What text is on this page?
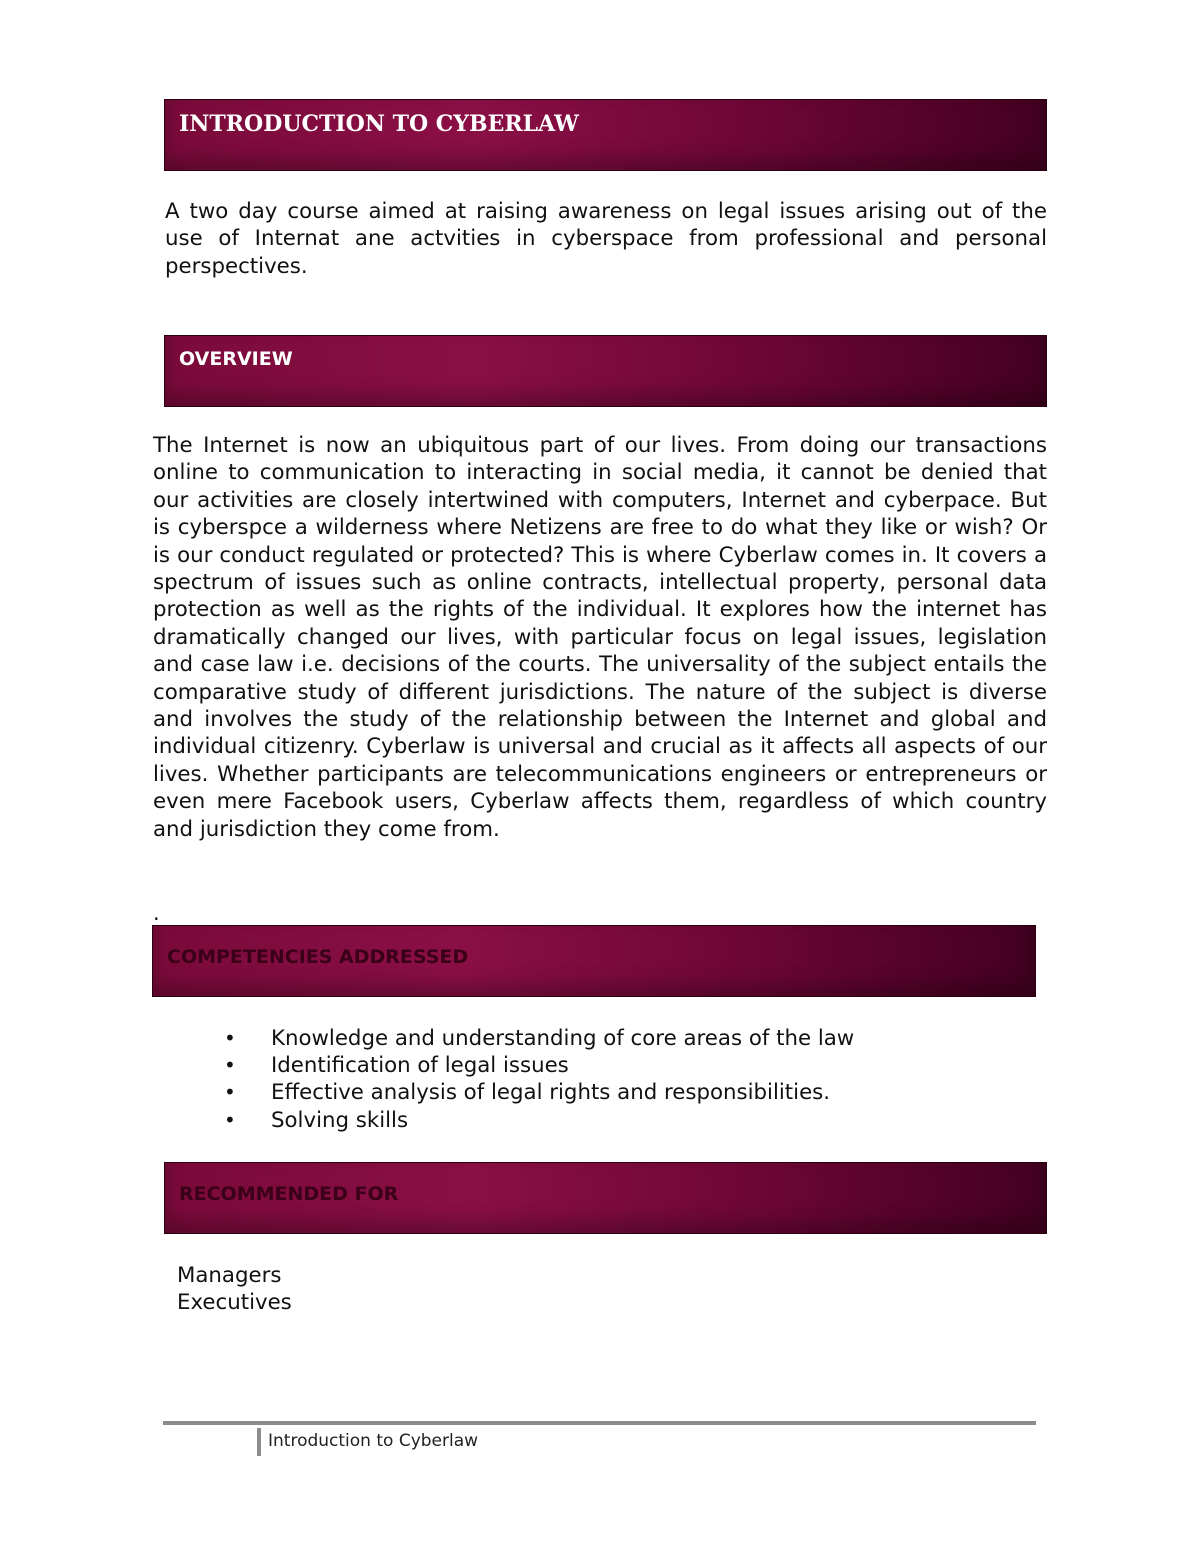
INTRODUCTION TO CYBERLAW

A two day course aimed at raising awareness on legal issues arising out of the use of Internat ane actvities in cyberspace from professional and personal perspectives.

OVERVIEW

The Internet is now an ubiquitous part of our lives. From doing our transactions online to communication to interacting in social media, it cannot be denied that our activities are closely intertwined with computers, Internet and cyberpace. But is cyberspce a wilderness where Netizens are free to do what they like or wish? Or is our conduct regulated or protected? This is where Cyberlaw comes in. It covers a spectrum of issues such as online contracts, intellectual property, personal data protection as well as the rights of the individual. It explores how the internet has dramatically changed our lives, with particular focus on legal issues, legislation and case law i.e. decisions of the courts. The universality of the subject entails the comparative study of different jurisdictions. The nature of the subject is diverse and involves the study of the relationship between the Internet and global and individual citizenry. Cyberlaw is universal and crucial as it affects all aspects of our lives. Whether participants are telecommunications engineers or entrepreneurs or even mere Facebook users, Cyberlaw affects them, regardless of which country and jurisdiction they come from.

.
COMPETENCIES ADDRESSED
• Knowledge and understanding of core areas of the law
• Identification of legal issues
• Effective analysis of legal rights and responsibilities.
• Solving skills
RECOMMENDED FOR
Managers
Executives
Introduction to Cyberlaw
